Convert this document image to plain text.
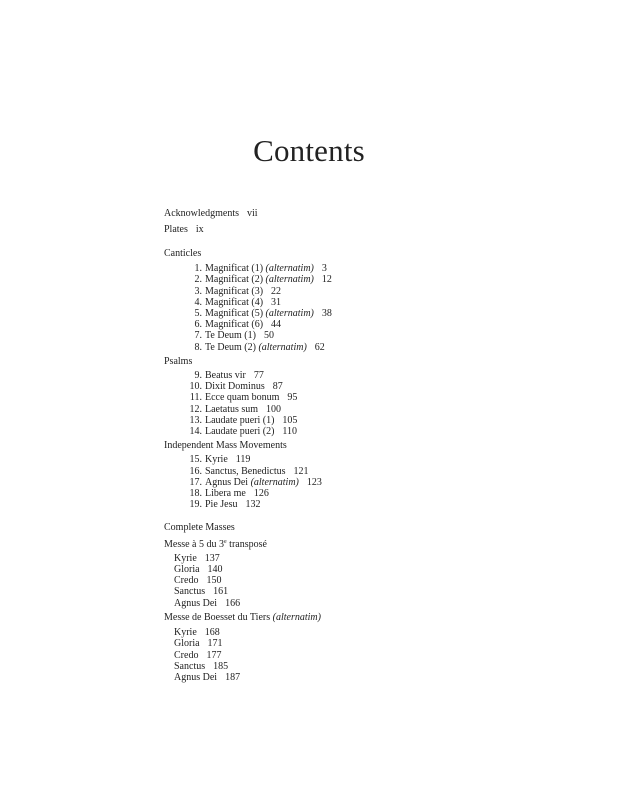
Contents
Acknowledgments vii
Plates ix
Canticles
1. Magnificat (1) (alternatim) 3
2. Magnificat (2) (alternatim) 12
3. Magnificat (3) 22
4. Magnificat (4) 31
5. Magnificat (5) (alternatim) 38
6. Magnificat (6) 44
7. Te Deum (1) 50
8. Te Deum (2) (alternatim) 62
Psalms
9. Beatus vir 77
10. Dixit Dominus 87
11. Ecce quam bonum 95
12. Laetatus sum 100
13. Laudate pueri (1) 105
14. Laudate pueri (2) 110
Independent Mass Movements
15. Kyrie 119
16. Sanctus, Benedictus 121
17. Agnus Dei (alternatim) 123
18. Libera me 126
19. Pie Jesu 132
Complete Masses
Messe à 5 du 3e transposé
Kyrie 137
Gloria 140
Credo 150
Sanctus 161
Agnus Dei 166
Messe de Boesset du Tiers (alternatim)
Kyrie 168
Gloria 171
Credo 177
Sanctus 185
Agnus Dei 187
